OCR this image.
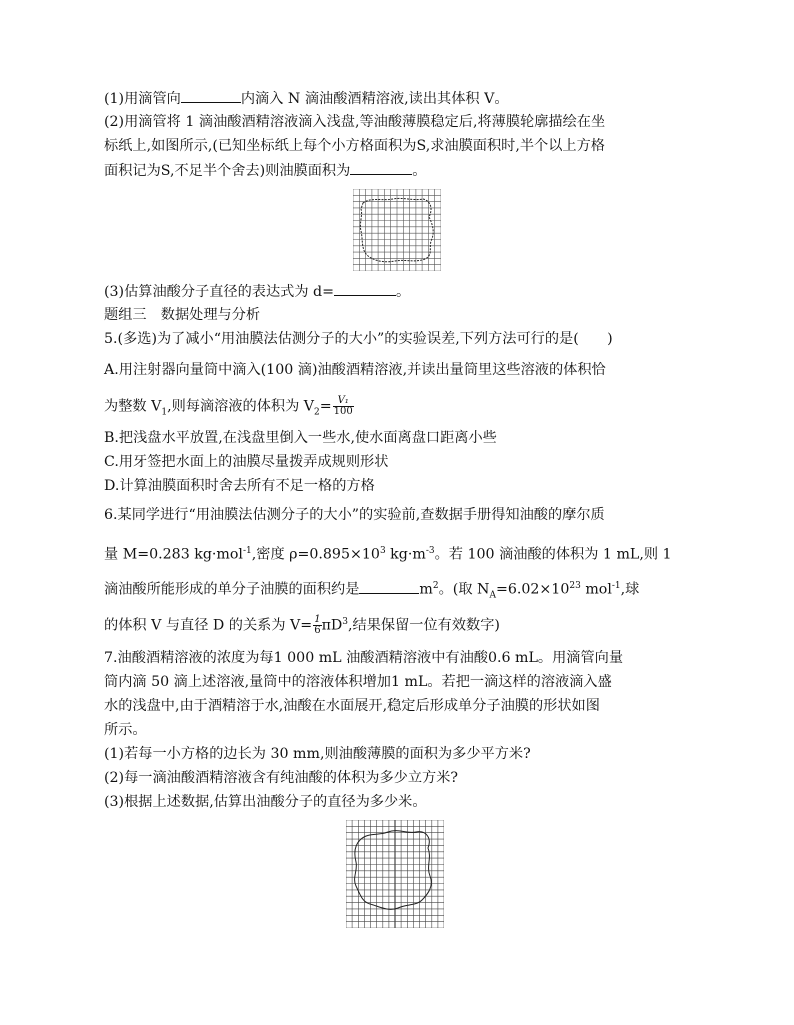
(1)用滴管向	内滴入 N 滴油酸酒精溶液,读出其体积 V。
(2)用滴管将 1 滴油酸酒精溶液滴入浅盘,等油酸薄膜稳定后,将薄膜轮廓描绘在坐
标纸上,如图所示,(已知坐标纸上每个小方格面积为S,求油膜面积时,半个以上方格
面积记为S,不足半个舍去)则油膜面积为	。
(3)估算油酸分子直径的表达式为 d=	。
题组三　数据处理与分析
5.(多选)为了减小“用油膜法估测分子的大小”的实验误差,下列方法可行的是(　　)
A.用注射器向量筒中滴入(100 滴)油酸酒精溶液,并读出量筒里这些溶液的体积恰
为整数 $V_1$,则每滴溶液的体积为 $V_2= \frac{\text{V₁}}{100}$
B.把浅盘水平放置,在浅盘里倒入一些水,使水面离盘口距离小些
C.用牙签把水面上的油膜尽量拨弄成规则形状
D.计算油膜面积时舍去所有不足一格的方格
6.某同学进行“用油膜法估测分子的大小”的实验前,查数据手册得知油酸的摩尔质
量 M=0.283 kg·mol$^{-1}$,密度 $\rho=0.895\times 10^3$ $kg\cdot m^{-3}$。若 100 滴油酸的体积为 1 mL,则 1
滴油酸所能形成的单分子油膜的面积约是	$m^2$。(取 $N_A=6.02\times 10^{23}$ mol$^{-1}$,球
的体积 V 与直径 D 的关系为 $V= \frac{1}{6} \pi D^3$,结果保留一位有效数字)
7.油酸酒精溶液的浓度为每1 000 mL 油酸酒精溶液中有油酸0.6 mL。用滴管向量
筒内滴 50 滴上述溶液,量筒中的溶液体积增加1 mL。若把一滴这样的溶液滴入盛
水的浅盘中,由于酒精溶于水,油酸在水面展开,稳定后形成单分子油膜的形状如图
所示。
(1)若每一小方格的边长为 30 mm,则油酸薄膜的面积为多少平方米?
(2)每一滴油酸酒精溶液含有纯油酸的体积为多少立方米?
(3)根据上述数据,估算出油酸分子的直径为多少米。
